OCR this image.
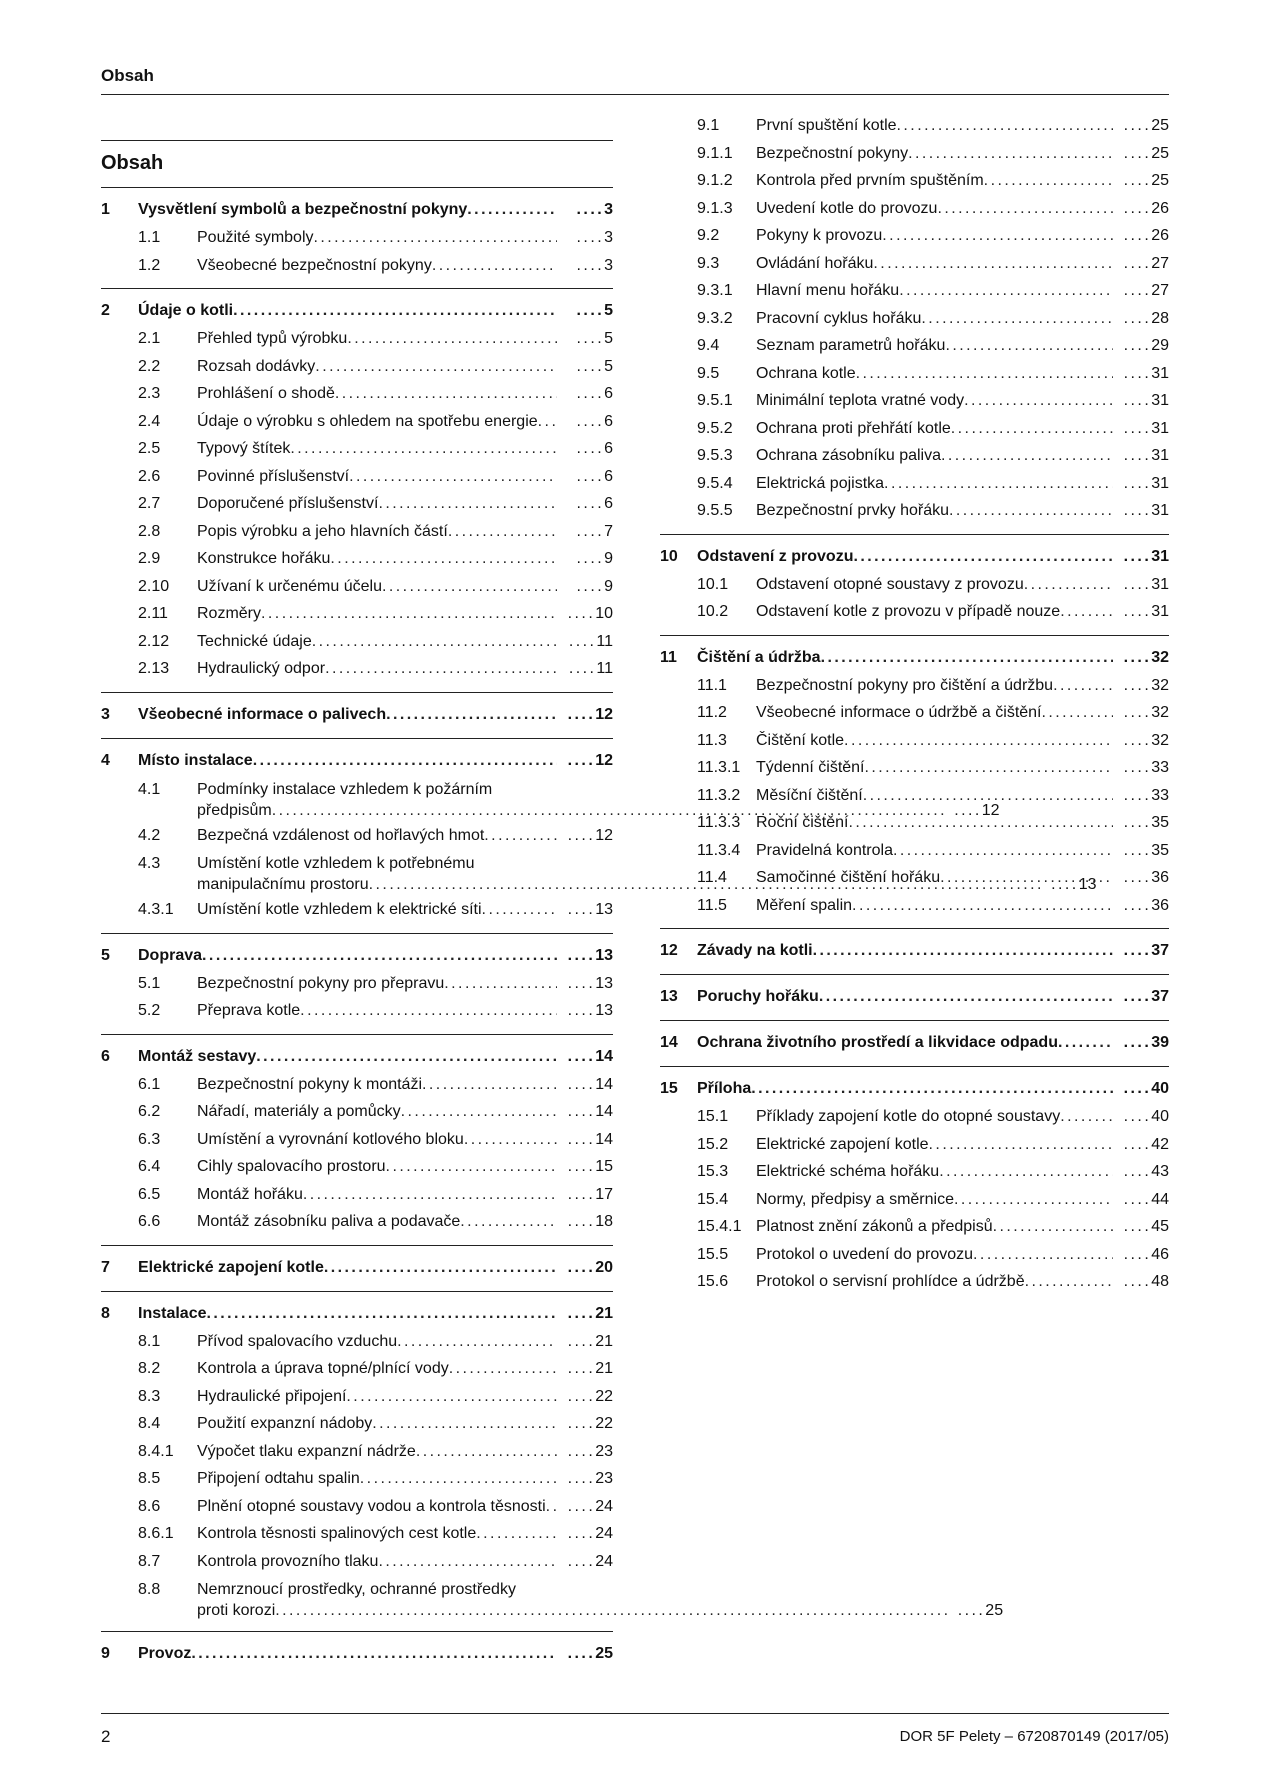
Obsah
Obsah
1	Vysvětlení symbolů a bezpečnostní pokyny . . .	. . . . 3
1.1	Použité symboly . . .	. . . . 3
1.2	Všeobecné bezpečnostní pokyny . . .	. . . . 3
2	Údaje o kotli . . .	. . . . 5
2.1	Přehled typů výrobku . . .	. . . . 5
2.2	Rozsah dodávky . . .	. . . . 5
2.3	Prohlášení o shodě . . .	. . . . 6
2.4	Údaje o výrobku s ohledem na spotřebu energie . . .	. . . . 6
2.5	Typový štítek . . .	. . . . 6
2.6	Povinné příslušenství . . .	. . . . 6
2.7	Doporučené příslušenství . . .	. . . . 6
2.8	Popis výrobku a jeho hlavních částí . . .	. . . . 7
2.9	Konstrukce hořáku . . .	. . . . 9
2.10	Užívaní k určenému účelu . . .	. . . . 9
2.11	Rozměry . . .	. . . . 10
2.12	Technické údaje . . .	. . . . 11
2.13	Hydraulický odpor . . .	. . . . 11
3	Všeobecné informace o palivech . . .	. . . . 12
4	Místo instalace . . .	. . . . 12
4.1	Podmínky instalace vzhledem k požárním
předpisům . . .	. . . . 12
4.2	Bezpečná vzdálenost od hořlavých hmot . . .	. . . . 12
4.3	Umístění kotle vzhledem k potřebnému
manipulačnímu prostoru . . .	. . . . 13
4.3.1	Umístění kotle vzhledem k elektrické síti . . .	. . . . 13
5	Doprava . . .	. . . . 13
5.1	Bezpečnostní pokyny pro přepravu . . .	. . . . 13
5.2	Přeprava kotle . . .	. . . . 13
6	Montáž sestavy . . .	. . . . 14
6.1	Bezpečnostní pokyny k montáži . . .	. . . . 14
6.2	Nářadí, materiály a pomůcky . . .	. . . . 14
6.3	Umístění a vyrovnání kotlového bloku . . .	. . . . 14
6.4	Cihly spalovacího prostoru . . .	. . . . 15
6.5	Montáž hořáku . . .	. . . . 17
6.6	Montáž zásobníku paliva a podavače . . .	. . . . 18
7	Elektrické zapojení kotle . . .	. . . . 20
8	Instalace . . .	. . . . 21
8.1	Přívod spalovacího vzduchu . . .	. . . . 21
8.2	Kontrola a úprava topné/plnící vody . . .	. . . . 21
8.3	Hydraulické připojení . . .	. . . . 22
8.4	Použití expanzní nádoby . . .	. . . . 22
8.4.1	Výpočet tlaku expanzní nádrže . . .	. . . . 23
8.5	Připojení odtahu spalin . . .	. . . . 23
8.6	Plnění otopné soustavy vodou a kontrola těsnosti . . .	. . . . 24
8.6.1	Kontrola těsnosti spalinových cest kotle . . .	. . . . 24
8.7	Kontrola provozního tlaku . . .	. . . . 24
8.8	Nemrznoucí prostředky, ochranné prostředky
proti korozi . . .	. . . . 25
9	Provoz . . .	. . . . 25
9.1	První spuštění kotle . . .	. . . . 25
9.1.1	Bezpečnostní pokyny . . .	. . . . 25
9.1.2	Kontrola před prvním spuštěním . . .	. . . . 25
9.1.3	Uvedení kotle do provozu . . .	. . . . 26
9.2	Pokyny k provozu . . .	. . . . 26
9.3	Ovládání hořáku . . .	. . . . 27
9.3.1	Hlavní menu hořáku . . .	. . . . 27
9.3.2	Pracovní cyklus hořáku . . .	. . . . 28
9.4	Seznam parametrů hořáku . . .	. . . . 29
9.5	Ochrana kotle . . .	. . . . 31
9.5.1	Minimální teplota vratné vody . . .	. . . . 31
9.5.2	Ochrana proti přehřátí kotle . . .	. . . . 31
9.5.3	Ochrana zásobníku paliva . . .	. . . . 31
9.5.4	Elektrická pojistka . . .	. . . . 31
9.5.5	Bezpečnostní prvky hořáku . . .	. . . . 31
10	Odstavení z provozu . . .	. . . . 31
10.1	Odstavení otopné soustavy z provozu . . .	. . . . 31
10.2	Odstavení kotle z provozu v případě nouze . . .	. . . . 31
11	Čištění a údržba . . .	. . . . 32
11.1	Bezpečnostní pokyny pro čištění a údržbu . . .	. . . . 32
11.2	Všeobecné informace o údržbě a čištění . . .	. . . . 32
11.3	Čištění kotle . . .	. . . . 32
11.3.1 Týdenní čištění . . .	. . . . 33
11.3.2 Měsíční čištění . . .	. . . . 33
11.3.3 Roční čištění . . .	. . . . 35
11.3.4 Pravidelná kontrola . . .	. . . . 35
11.4	Samočinné čištění hořáku . . .	. . . . 36
11.5	Měření spalin . . .	. . . . 36
12	Závady na kotli . . .	. . . . 37
13	Poruchy hořáku . . .	. . . . 37
14	Ochrana životního prostředí a likvidace odpadu . . .	. . . . 39
15	Příloha . . .	. . . . 40
15.1	Příklady zapojení kotle do otopné soustavy . . .	. . . . 40
15.2	Elektrické zapojení kotle . . .	. . . . 42
15.3	Elektrické schéma hořáku . . .	. . . . 43
15.4	Normy, předpisy a směrnice . . .	. . . . 44
15.4.1 Platnost znění zákonů a předpisů . . .	. . . . 45
15.5	Protokol o uvedení do provozu . . .	. . . . 46
15.6	Protokol o servisní prohlídce a údržbě . . .	. . . . 48
2	DOR 5F Pelety – 6720870149 (2017/05)
